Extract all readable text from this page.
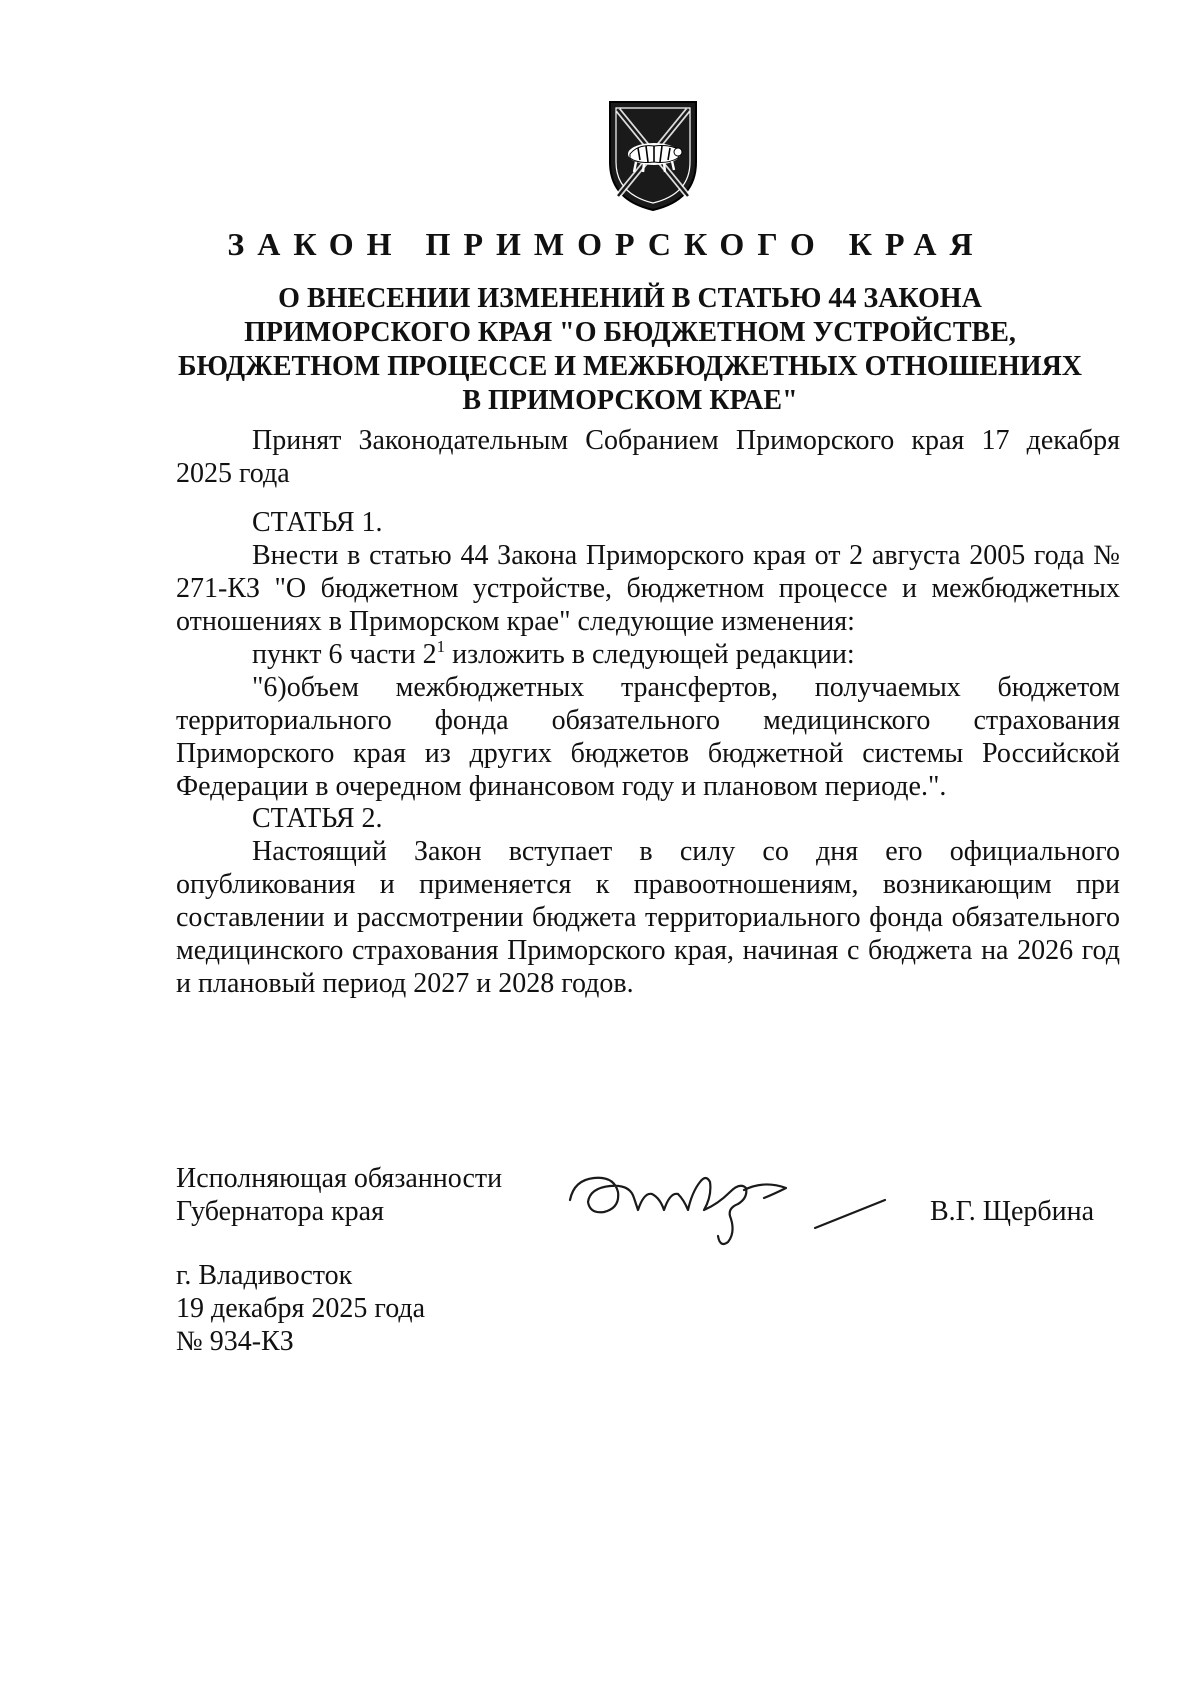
ЗАКОН ПРИМОРСКОГО КРАЯ
О ВНЕСЕНИИ ИЗМЕНЕНИЙ В СТАТЬЮ 44 ЗАКОНА
ПРИМОРСКОГО КРАЯ "О БЮДЖЕТНОМ УСТРОЙСТВЕ,
БЮДЖЕТНОМ ПРОЦЕССЕ И МЕЖБЮДЖЕТНЫХ ОТНОШЕНИЯХ
В ПРИМОРСКОМ КРАЕ"

Принят Законодательным Собранием Приморского края 17 декабря 2025 года

СТАТЬЯ 1.

Внести в статью 44 Закона Приморского края от 2 августа 2005 года № 271-КЗ "О бюджетном устройстве, бюджетном процессе и межбюджетных отношениях в Приморском крае" следующие изменения:

пункт 6 части $2^1$ изложить в следующей редакции:

"6)объем межбюджетных трансфертов, получаемых бюджетом территориального фонда обязательного медицинского страхования Приморского края из других бюджетов бюджетной системы Российской Федерации в очередном финансовом году и плановом периоде.".

СТАТЬЯ 2.

Настоящий Закон вступает в силу со дня его официального опубликования и применяется к правоотношениям, возникающим при составлении и рассмотрении бюджета территориального фонда обязательного медицинского страхования Приморского края, начиная с бюджета на 2026 год и плановый период 2027 и 2028 годов.

Исполняющая обязанности
Губернатора края	В.Г. Щербина
г. Владивосток
19 декабря 2025 года
№ 934-КЗ
